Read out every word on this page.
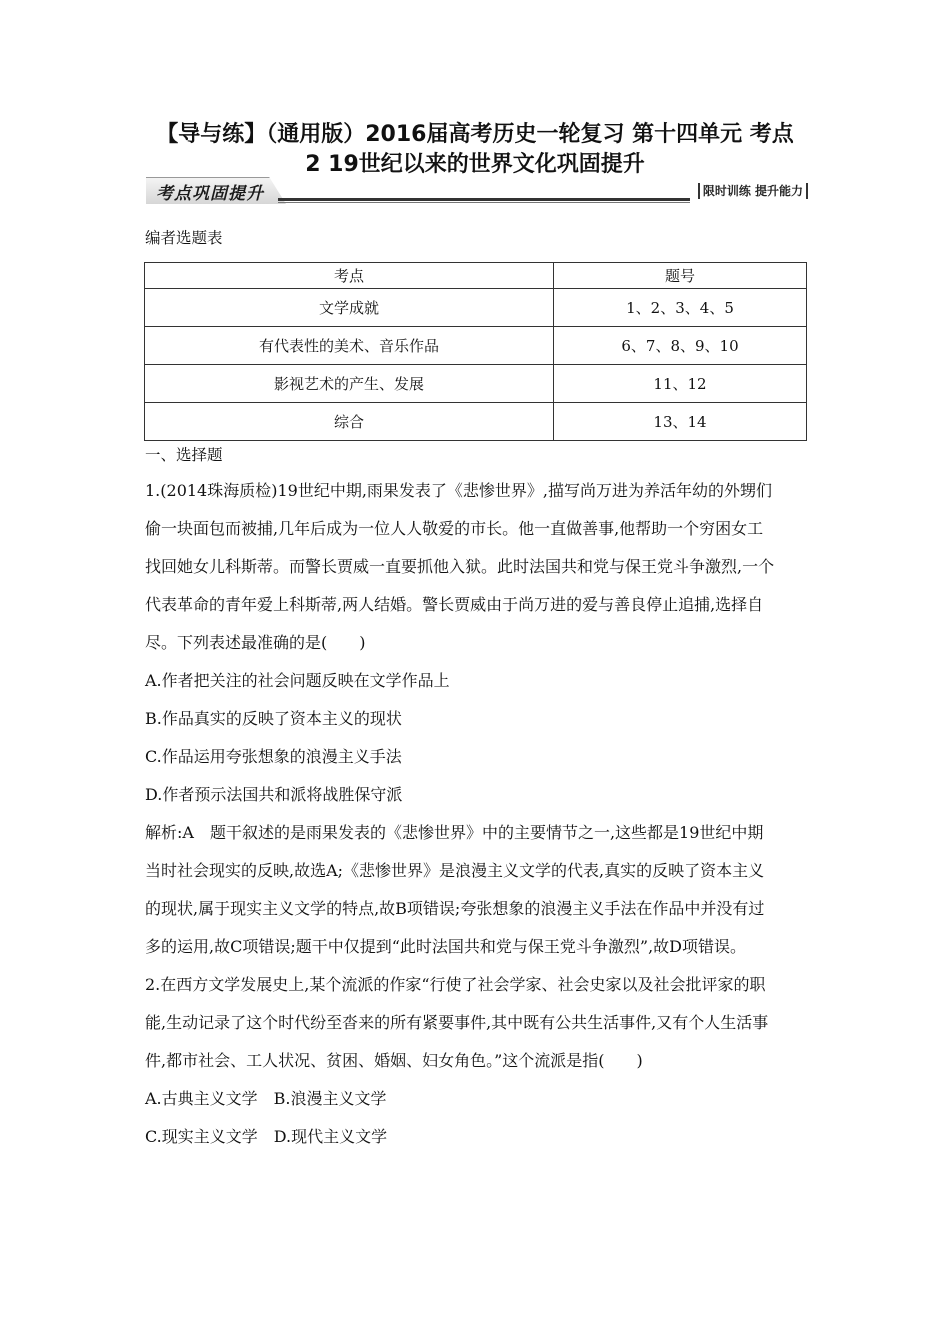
【导与练】（通用版）2016届高考历史一轮复习 第十四单元 考点
2 19世纪以来的世界文化巩固提升
考点巩固提升	限时训练 提升能力
编者选题表
考点	题号
文学成就	1、2、3、4、5
有代表性的美术、音乐作品	6、7、8、9、10
影视艺术的产生、发展	11、12
综合	13、14
一、选择题
1.(2014珠海质检)19世纪中期,雨果发表了《悲惨世界》,描写尚万进为养活年幼的外甥们
偷一块面包而被捕,几年后成为一位人人敬爱的市长。他一直做善事,他帮助一个穷困女工
找回她女儿科斯蒂。而警长贾威一直要抓他入狱。此时法国共和党与保王党斗争激烈,一个
代表革命的青年爱上科斯蒂,两人结婚。警长贾威由于尚万进的爱与善良停止追捕,选择自
尽。下列表述最准确的是(　　)
A.作者把关注的社会问题反映在文学作品上
B.作品真实的反映了资本主义的现状
C.作品运用夸张想象的浪漫主义手法
D.作者预示法国共和派将战胜保守派
解析:A　题干叙述的是雨果发表的《悲惨世界》中的主要情节之一,这些都是19世纪中期
当时社会现实的反映,故选A;《悲惨世界》是浪漫主义文学的代表,真实的反映了资本主义
的现状,属于现实主义文学的特点,故B项错误;夸张想象的浪漫主义手法在作品中并没有过
多的运用,故C项错误;题干中仅提到“此时法国共和党与保王党斗争激烈”,故D项错误。
2.在西方文学发展史上,某个流派的作家“行使了社会学家、社会史家以及社会批评家的职
能,生动记录了这个时代纷至沓来的所有紧要事件,其中既有公共生活事件,又有个人生活事
件,都市社会、工人状况、贫困、婚姻、妇女角色。”这个流派是指(　　)
A.古典主义文学　B.浪漫主义文学
C.现实主义文学　D.现代主义文学
